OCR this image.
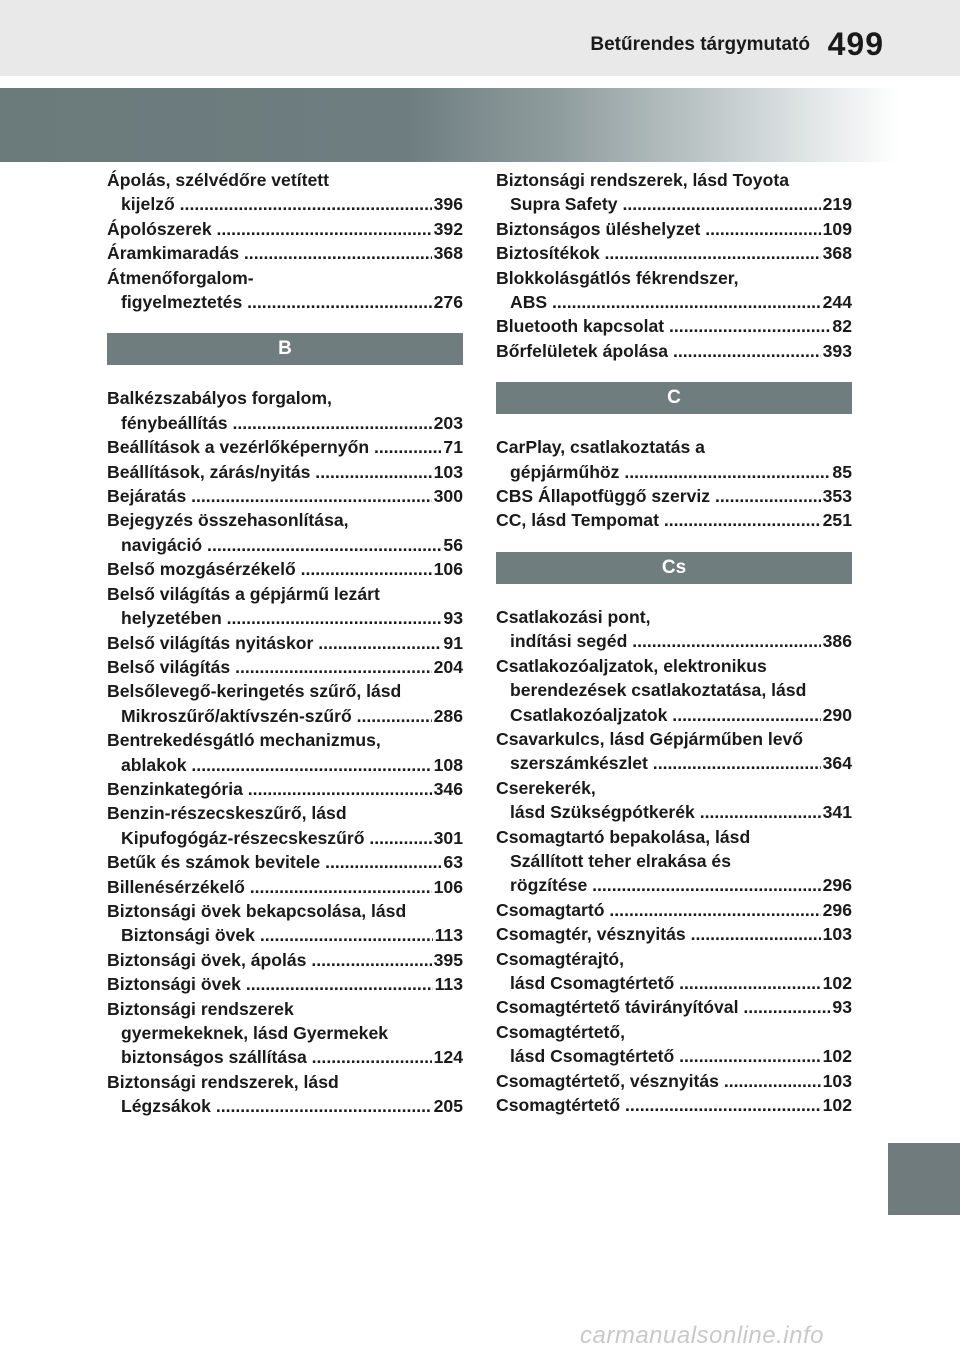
Betűrendes tárgymutató 499
Ápolás, szélvédőre vetített
kijelző .....	396
Ápolószerek .....	392
Áramkimaradás .....	368
Átmenőforgalom-
figyelmeztetés .....	276
B
Balkézszabályos forgalom,
fénybeállítás .....	203
Beállítások a vezérlőképernyőn .....	71
Beállítások, zárás/nyitás .....	103
Bejáratás .....	300
Bejegyzés összehasonlítása,
navigáció .....	56
Belső mozgásérzékelő .....	106
Belső világítás a gépjármű lezárt
helyzetében .....	93
Belső világítás nyitáskor .....	91
Belső világítás .....	204
Belsőlevegő-keringetés szűrő, lásd
Mikroszűrő/aktívszén-szűrő .....	286
Bentrekedésgátló mechanizmus,
ablakok .....	108
Benzinkategória .....	346
Benzin-részecskeszűrő, lásd
Kipufogógáz-részecskeszűrő .....	301
Betűk és számok bevitele .....	63
Billenésérzékelő .....	106
Biztonsági övek bekapcsolása, lásd
Biztonsági övek .....	113
Biztonsági övek, ápolás .....	395
Biztonsági övek .....	113
Biztonsági rendszerek
gyermekeknek, lásd Gyermekek
biztonságos szállítása .....	124
Biztonsági rendszerek, lásd
Légzsákok .....	205
Biztonsági rendszerek, lásd Toyota
Supra Safety .....	219
Biztonságos üléshelyzet .....	109
Biztosítékok .....	368
Blokkolásgátlós fékrendszer,
ABS .....	244
Bluetooth kapcsolat .....	82
Bőrfelületek ápolása .....	393
C
CarPlay, csatlakoztatás a
gépjárműhöz .....	85
CBS Állapotfüggő szerviz .....	353
CC, lásd Tempomat .....	251
Cs
Csatlakozási pont,
indítási segéd .....	386
Csatlakozóaljzatok, elektronikus
berendezések csatlakoztatása, lásd
Csatlakozóaljzatok .....	290
Csavarkulcs, lásd Gépjárműben levő
szerszámkészlet .....	364
Cserekerék,
lásd Szükségpótkerék .....	341
Csomagtartó bepakolása, lásd
Szállított teher elrakása és
rögzítése .....	296
Csomagtartó .....	296
Csomagtér, vésznyitás .....	103
Csomagtérajtó,
lásd Csomagtértető .....	102
Csomagtértető távirányítóval .....	93
Csomagtértető,
lásd Csomagtértető .....	102
Csomagtértető, vésznyitás .....	103
Csomagtértető .....	102
carmanualsonline.info
